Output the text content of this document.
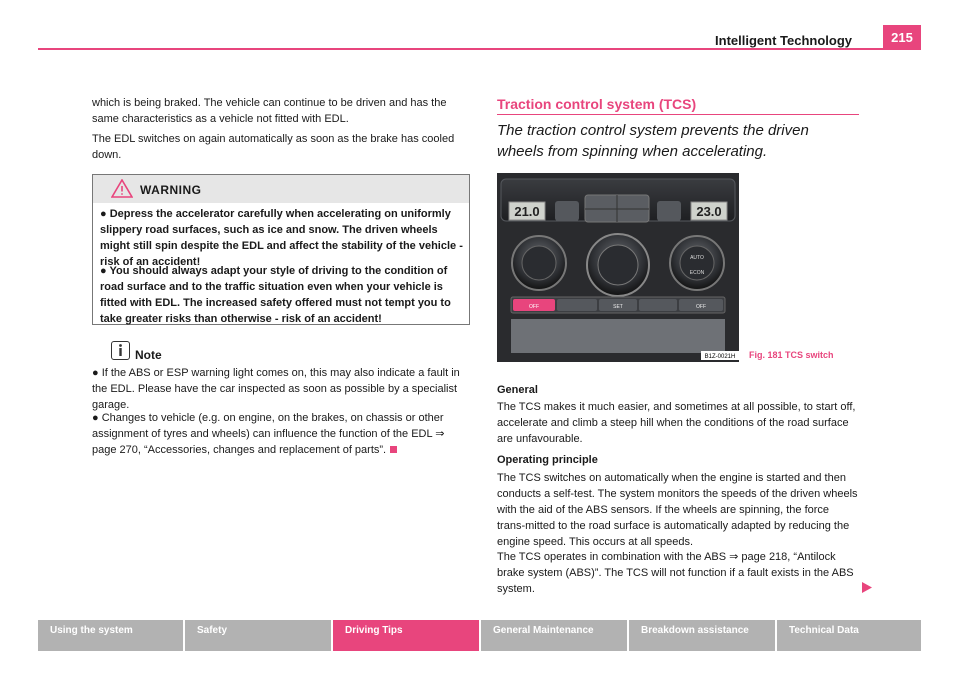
Intelligent Technology	215

which is being braked. The vehicle can continue to be driven and has the same characteristics as a vehicle not fitted with EDL.

The EDL switches on again automatically as soon as the brake has cooled down.

WARNING

● Depress the accelerator carefully when accelerating on uniformly slippery road surfaces, such as ice and snow. The driven wheels might still spin despite the EDL and affect the stability of the vehicle - risk of an accident!

● You should always adapt your style of driving to the condition of road surface and to the traffic situation even when your vehicle is fitted with EDL. The increased safety offered must not tempt you to take greater risks than otherwise - risk of an accident!

Note

● If the ABS or ESP warning light comes on, this may also indicate a fault in the EDL. Please have the car inspected as soon as possible by a specialist garage.

● Changes to vehicle (e.g. on engine, on the brakes, on chassis or other assignment of tyres and wheels) can influence the function of the EDL ⇒ page 270, “Accessories, changes and replacement of parts”.

Traction control system (TCS)

The traction control system prevents the driven wheels from spinning when accelerating.

21.0	23.0
AUTO
ECON
OFF	SET	OFF
B1Z-0021H Fig. 181 TCS switch
General

The TCS makes it much easier, and sometimes at all possible, to start off, accelerate and climb a steep hill when the conditions of the road surface are unfavourable.

Operating principle

The TCS switches on automatically when the engine is started and then conducts a self-test. The system monitors the speeds of the driven wheels with the aid of the ABS sensors. If the wheels are spinning, the force trans-mitted to the road surface is automatically adapted by reducing the engine speed. This occurs at all speeds.

The TCS operates in combination with the ABS ⇒ page 218, “Antilock brake system (ABS)”. The TCS will not function if a fault exists in the ABS system.

Using the system	Safety	Driving Tips	General Maintenance	Breakdown assistance	Technical Data
